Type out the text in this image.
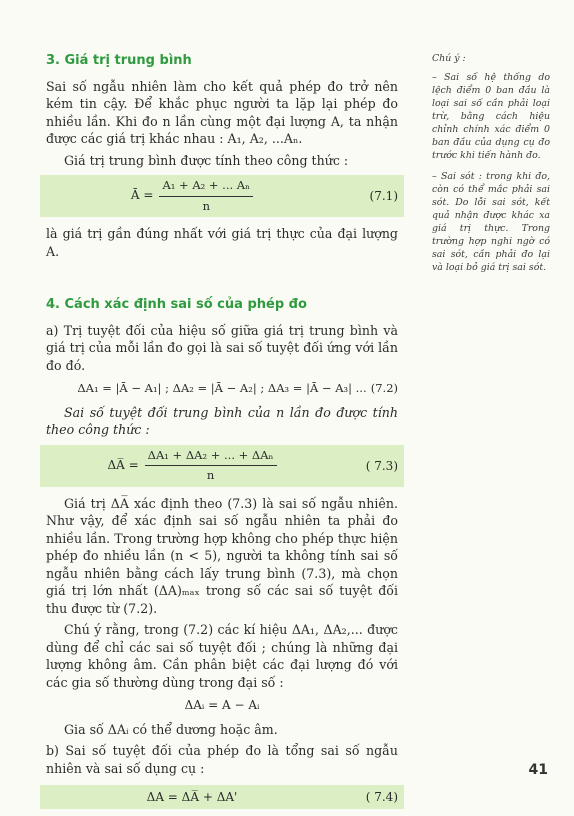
3. Giá trị trung bình

Sai số ngẫu nhiên làm cho kết quả phép đo trở nên kém tin cậy. Để khắc phục người ta lặp lại phép đo nhiều lần. Khi đo n lần cùng một đại lượng A, ta nhận được các giá trị khác nhau : A₁, A₂, ...Aₙ.

Giá trị trung bình được tính theo công thức :

Ā = $\frac{\text{A₁ + A₂ + ... Aₙ}}{n}$	(7.1)

là giá trị gần đúng nhất với giá trị thực của đại lượng A.

4. Cách xác định sai số của phép đo

a) Trị tuyệt đối của hiệu số giữa giá trị trung bình và giá trị của mỗi lần đo gọi là sai số tuyệt đối ứng với lần đo đó.

ΔA₁ = |Ā − A₁| ; ΔA₂ = |Ā − A₂| ; ΔA₃ = |Ā − A₃| ... (7.2)

Sai số tuyệt đối trung bình của n lần đo được tính theo công thức :

ΔA̅ = $\frac{\text{ΔA₁ + ΔA₂ + ... + ΔAₙ}}{n}$	( 7.3)

Giá trị ΔA̅ xác định theo (7.3) là sai số ngẫu nhiên. Như vậy, để xác định sai số ngẫu nhiên ta phải đo nhiều lần. Trong trường hợp không cho phép thực hiện phép đo nhiều lần (n < 5), người ta không tính sai số ngẫu nhiên bằng cách lấy trung bình (7.3), mà chọn giá trị lớn nhất (ΔA)ₘₐₓ trong số các sai số tuyệt đối thu được từ (7.2).

Chú ý rằng, trong (7.2) các kí hiệu ΔA₁, ΔA₂,... được dùng để chỉ các sai số tuyệt đối ; chúng là những đại lượng không âm. Cần phân biệt các đại lượng đó với các gia số thường dùng trong đại số :

ΔAᵢ = A − Aᵢ

Gia số ΔAᵢ có thể dương hoặc âm.

b) Sai số tuyệt đối của phép đo là tổng sai số ngẫu nhiên và sai số dụng cụ :

ΔA = ΔA̅ + ΔA'	( 7.4)
Chú ý :
– Sai số hệ thống do lệch điểm 0 ban đầu là loại sai số cần phải loại trừ, bằng cách hiệu chỉnh chính xác điểm 0 ban đầu của dụng cụ đo trước khi tiến hành đo.
– Sai sót : trong khi đo, còn có thể mắc phải sai sót. Do lỗi sai sót, kết quả nhận được khác xa giá trị thực. Trong trường hợp nghi ngờ có sai sót, cần phải đo lại và loại bỏ giá trị sai sót.
41
